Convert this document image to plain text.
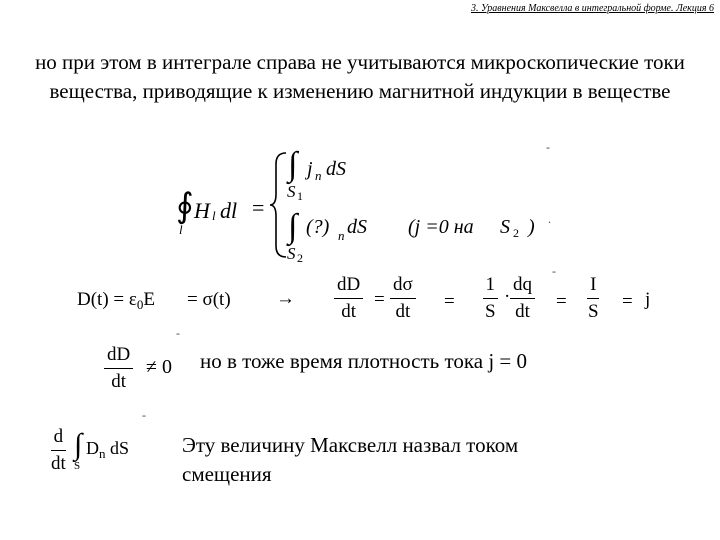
3. Уравнения Максвелла в интегральной форме. Лекция 6
но при этом в интеграле справа не учитываются микроскопические токи вещества, приводящие к изменению магнитной индукции в веществе
∮
l
H l dl =
∫ j n dS
S 1
∫ (?) n dS (j =0 на S 2 )
S 2
-
.
$D(t) = \varepsilon_0E = \sigma(t) \to \frac{dD}{dt} = \frac{d\sigma}{dt} = \frac{1}{S} \cdot \frac{dq}{dt} = \frac{I}{S} = j$
-
$\frac{dD}{dt} \ne 0$ но в тоже время плотность тока j = 0
-
$\frac{d}{dt}$ ∫
S
$D_n$ dS
-
Эту величину Максвелл назвал током
смещения
